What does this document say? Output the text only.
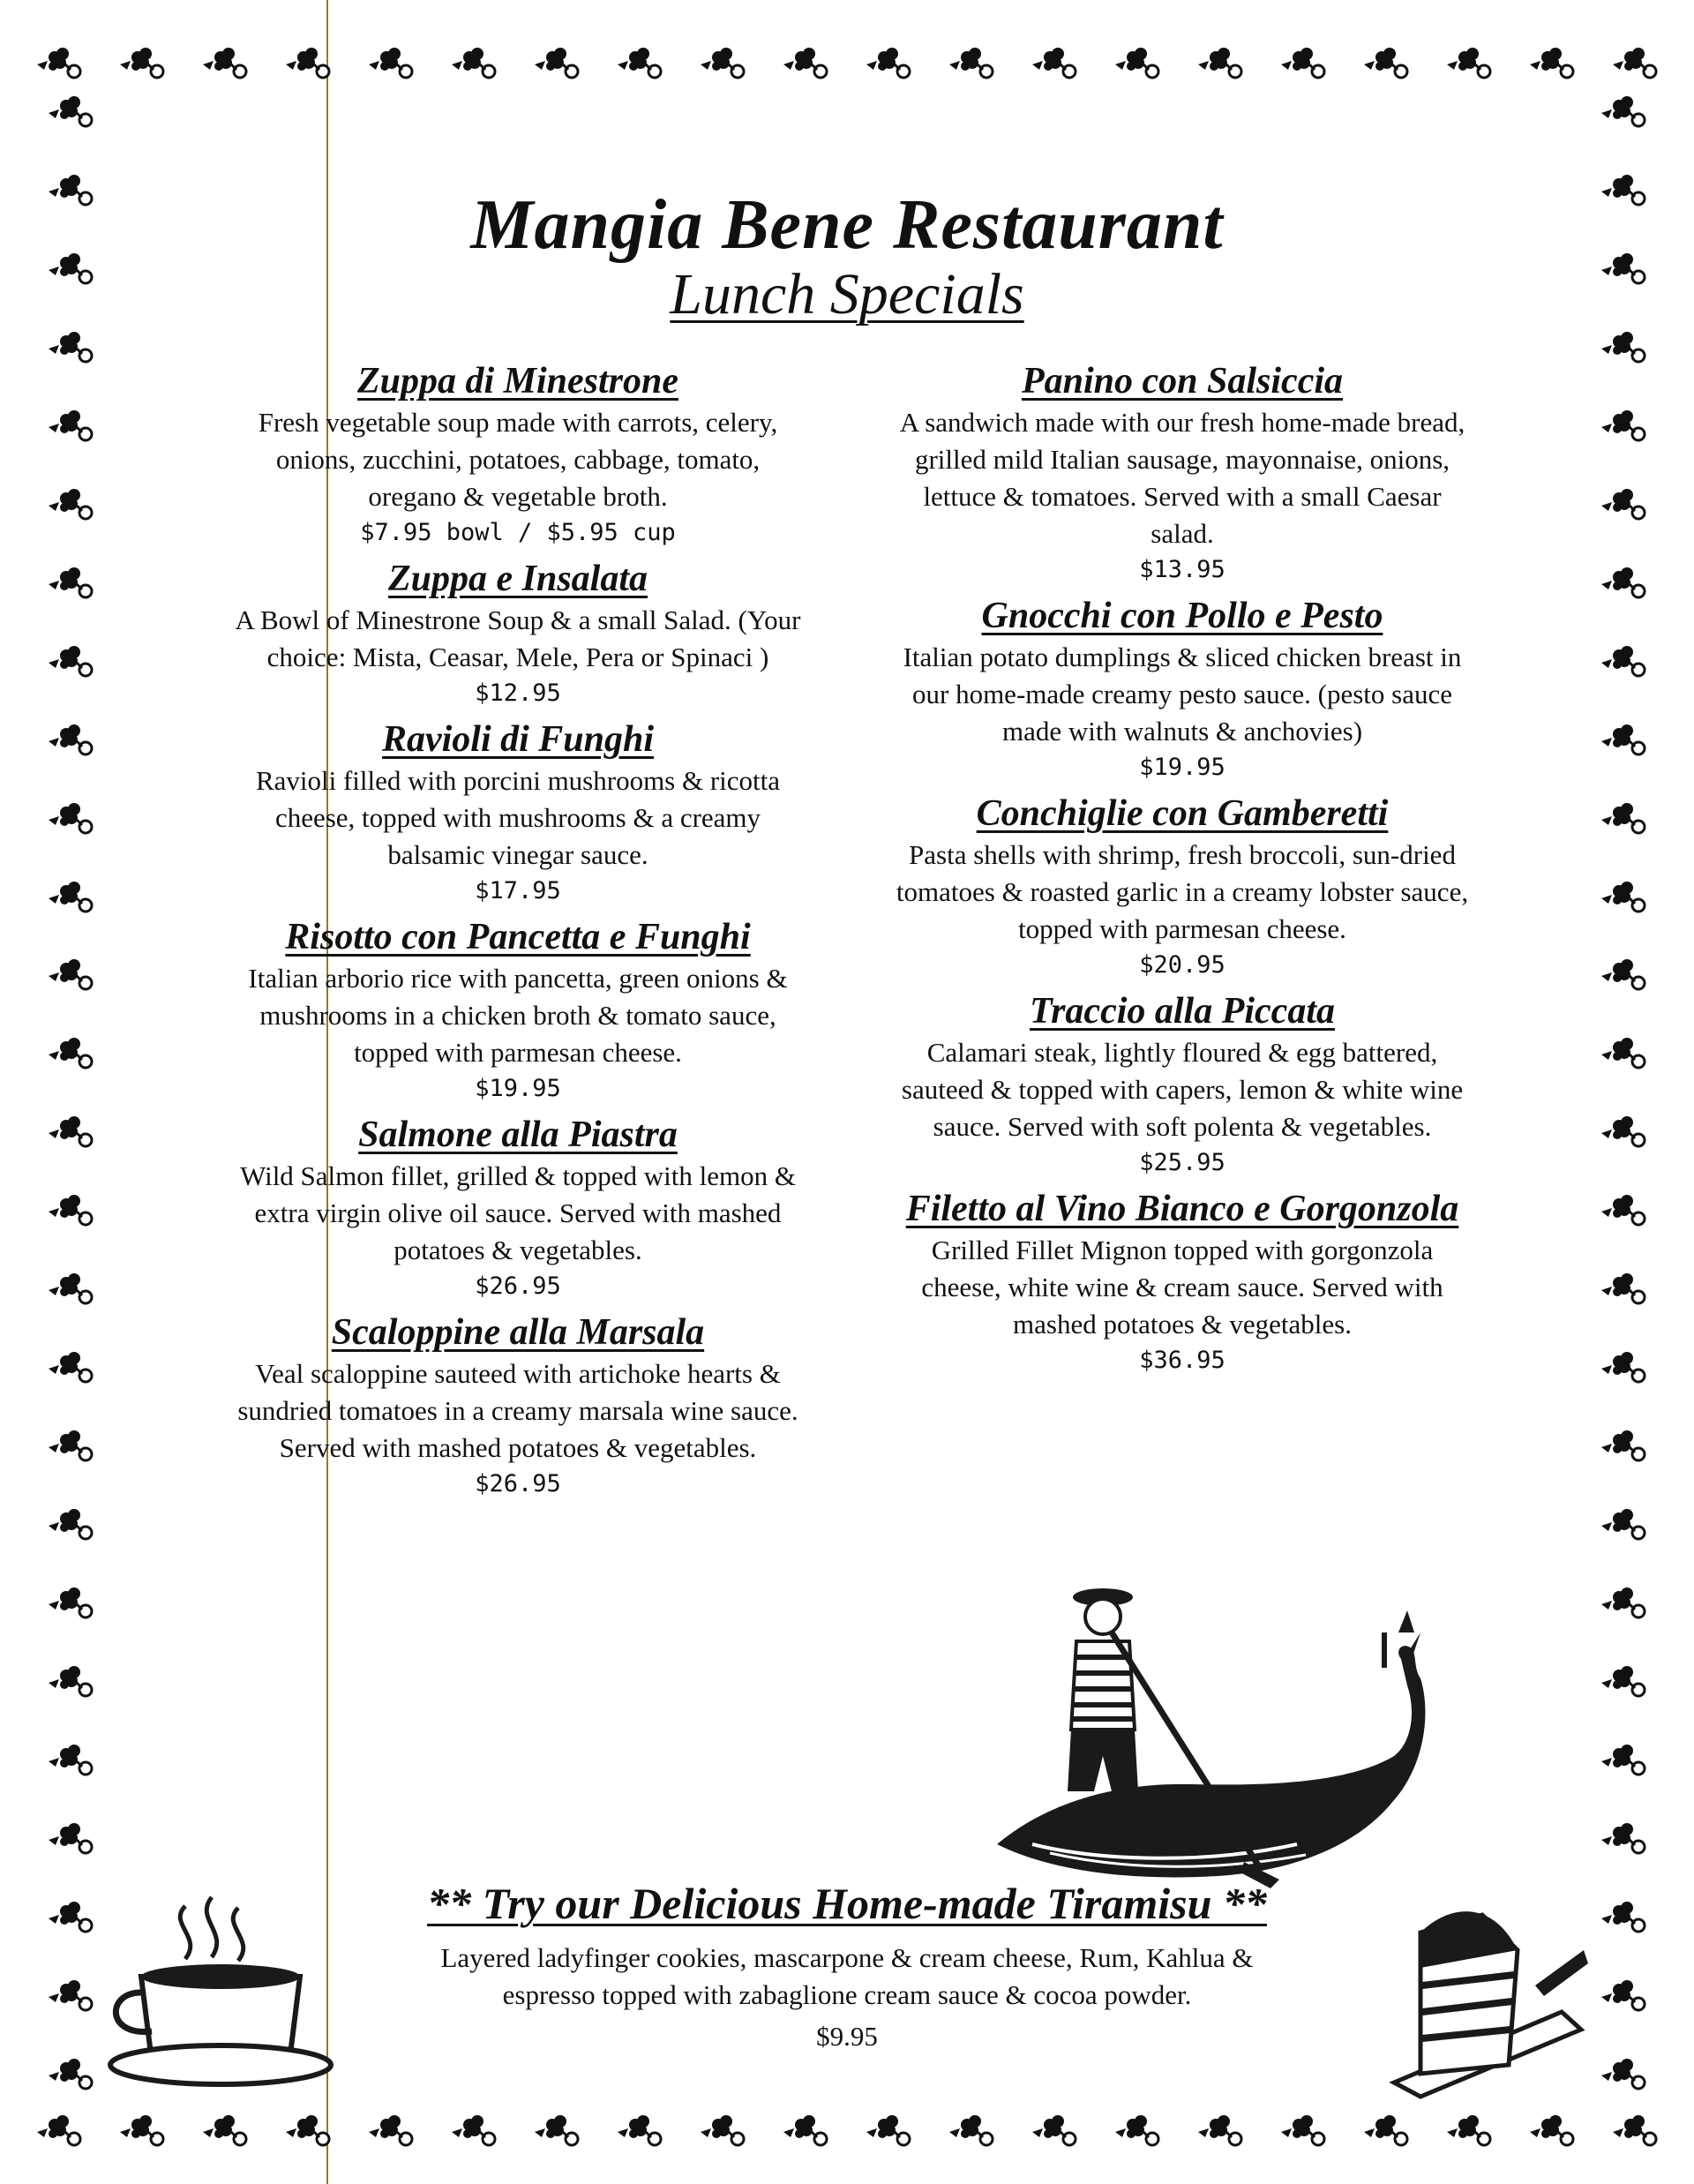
Mangia Bene Restaurant
Lunch Specials
Zuppa di Minestrone
Fresh vegetable soup made with carrots, celery, onions, zucchini, potatoes, cabbage, tomato, oregano & vegetable broth.
$7.95 bowl / $5.95 cup
Zuppa e Insalata
A Bowl of Minestrone Soup & a small Salad. (Your choice: Mista, Ceasar, Mele, Pera or Spinaci )
$12.95
Ravioli di Funghi
Ravioli filled with porcini mushrooms & ricotta cheese, topped with mushrooms & a creamy balsamic vinegar sauce.
$17.95
Risotto con Pancetta e Funghi
Italian arborio rice with pancetta, green onions & mushrooms in a chicken broth & tomato sauce, topped with parmesan cheese.
$19.95
Salmone alla Piastra
Wild Salmon fillet, grilled & topped with lemon & extra virgin olive oil sauce. Served with mashed potatoes & vegetables.
$26.95
Scaloppine alla Marsala
Veal scaloppine sauteed with artichoke hearts & sundried tomatoes in a creamy marsala wine sauce. Served with mashed potatoes & vegetables.
$26.95
Panino con Salsiccia
A sandwich made with our fresh home-made bread, grilled mild Italian sausage, mayonnaise, onions, lettuce & tomatoes. Served with a small Caesar salad.
$13.95
Gnocchi con Pollo e Pesto
Italian potato dumplings & sliced chicken breast in our home-made creamy pesto sauce. (pesto sauce made with walnuts & anchovies)
$19.95
Conchiglie con Gamberetti
Pasta shells with shrimp, fresh broccoli, sun-dried tomatoes & roasted garlic in a creamy lobster sauce, topped with parmesan cheese.
$20.95
Traccio alla Piccata
Calamari steak, lightly floured & egg battered, sauteed & topped with capers, lemon & white wine sauce. Served with soft polenta & vegetables.
$25.95
Filetto al Vino Bianco e Gorgonzola
Grilled Fillet Mignon topped with gorgonzola cheese, white wine & cream sauce. Served with mashed potatoes & vegetables.
$36.95
** Try our Delicious Home-made Tiramisu **
Layered ladyfinger cookies, mascarpone & cream cheese, Rum, Kahlua & espresso topped with zabaglione cream sauce & cocoa powder.
$9.95
